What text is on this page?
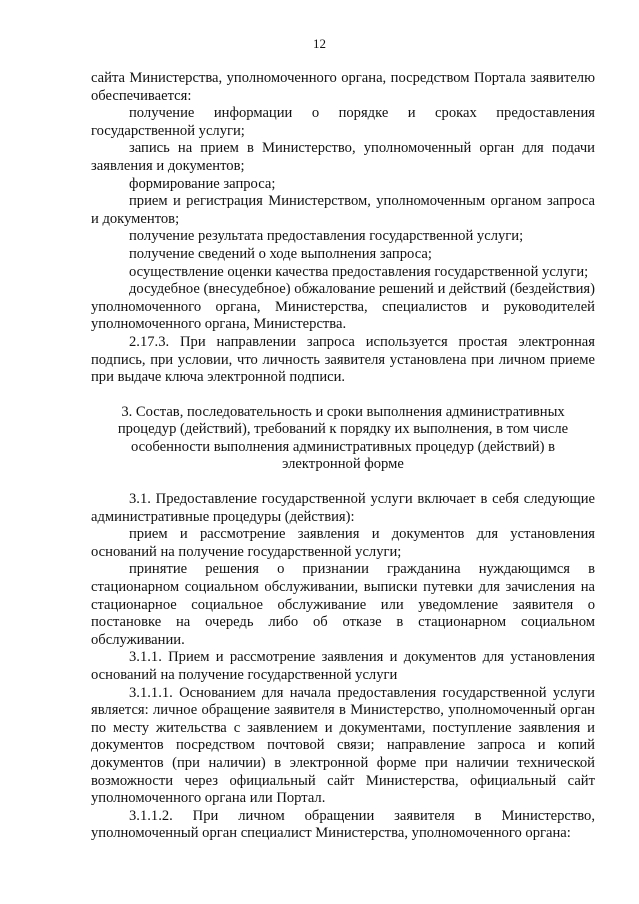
12

сайта Министерства, уполномоченного органа, посредством Портала заявителю обеспечивается:

получение информации о порядке и сроках предоставления государственной услуги;

запись на прием в Министерство, уполномоченный орган для подачи заявления и документов;

формирование запроса;

прием и регистрация Министерством, уполномоченным органом запроса и документов;

получение результата предоставления государственной услуги;

получение сведений о ходе выполнения запроса;

осуществление оценки качества предоставления государственной услуги;

досудебное (внесудебное) обжалование решений и действий (бездействия) уполномоченного органа, Министерства, специалистов и руководителей уполномоченного органа, Министерства.

2.17.3. При направлении запроса используется простая электронная подпись, при условии, что личность заявителя установлена при личном приеме при выдаче ключа электронной подписи.

3. Состав, последовательность и сроки выполнения административных процедур (действий), требований к порядку их выполнения, в том числе особенности выполнения административных процедур (действий) в электронной форме

3.1. Предоставление государственной услуги включает в себя следующие административные процедуры (действия):

прием и рассмотрение заявления и документов для установления оснований на получение государственной услуги;

принятие решения о признании гражданина нуждающимся в стационарном социальном обслуживании, выписки путевки для зачисления на стационарное социальное обслуживание или уведомление заявителя о постановке на очередь либо об отказе в стационарном социальном обслуживании.

3.1.1. Прием и рассмотрение заявления и документов для установления оснований на получение государственной услуги

3.1.1.1. Основанием для начала предоставления государственной услуги является: личное обращение заявителя в Министерство, уполномоченный орган по месту жительства с заявлением и документами, поступление заявления и документов посредством почтовой связи; направление запроса и копий документов (при наличии) в электронной форме при наличии технической возможности через официальный сайт Министерства, официальный сайт уполномоченного органа или Портал.

3.1.1.2. При личном обращении заявителя в Министерство, уполномоченный орган специалист Министерства, уполномоченного органа:
